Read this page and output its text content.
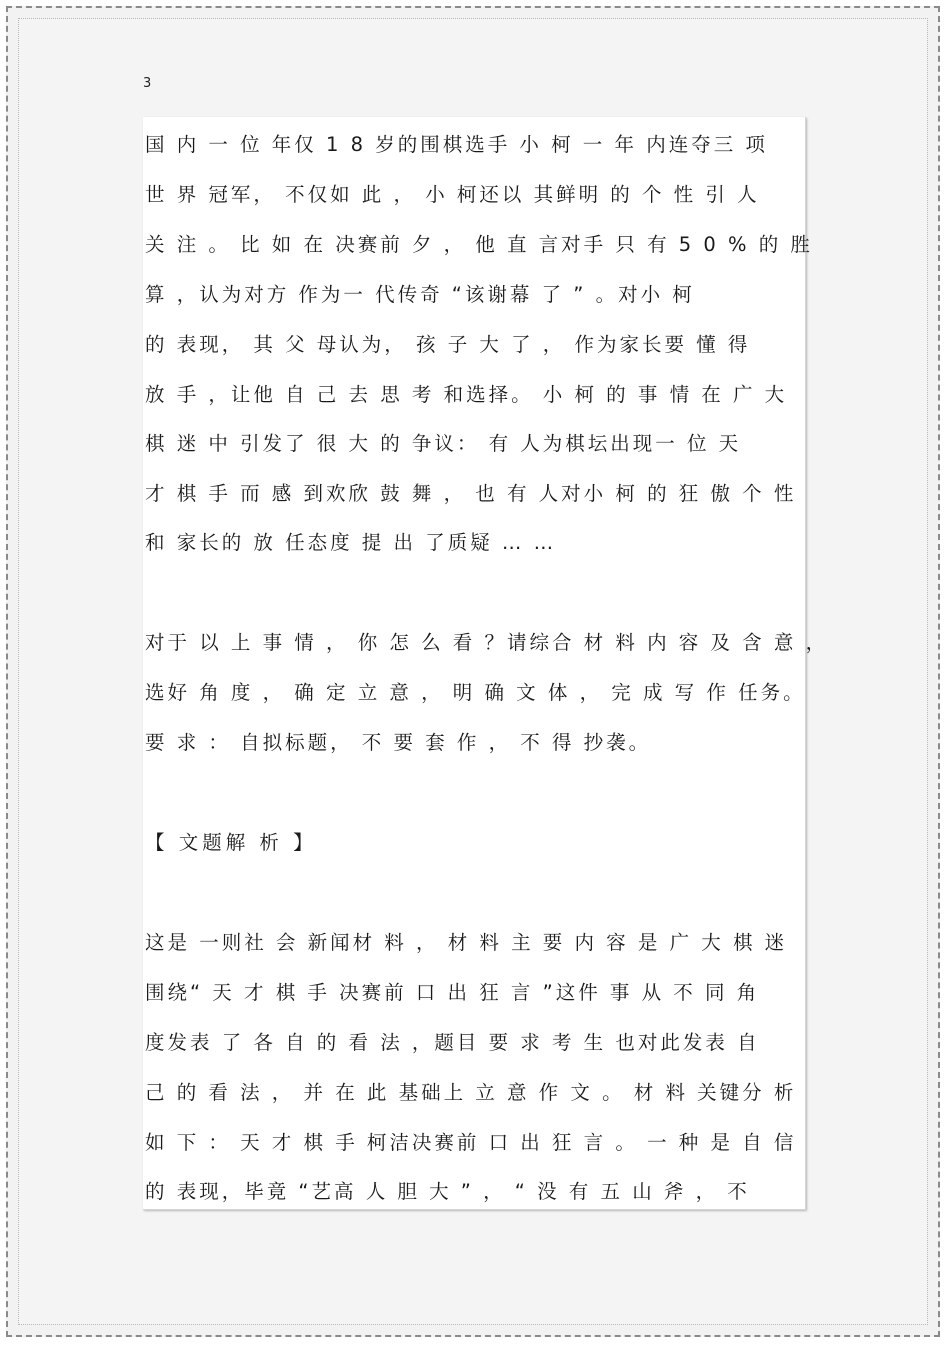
3
国 内 一 位 年仅 1 8 岁的围棋选手 小 柯 一 年 内连夺三 项
世 界 冠军， 不仅如 此 ， 小 柯还以 其鲜明 的 个 性 引 人
关 注 。 比 如 在 决赛前 夕 ， 他 直 言对手 只 有 5 0 % 的 胜
算 ，认为对方 作为一 代传奇 “该谢幕 了 ” 。对小 柯
的 表现， 其 父 母认为， 孩 子 大 了 ， 作为家长要 懂 得
放 手 ，让他 自 己 去 思 考 和选择。 小 柯 的 事 情 在 广 大
棋 迷 中 引发了 很 大 的 争议： 有 人为棋坛出现一 位 天
才 棋 手 而 感 到欢欣 鼓 舞 ， 也 有 人对小 柯 的 狂 傲 个 性
和 家长的 放 任态度 提 出 了质疑 … …
对于 以 上 事 情 ， 你 怎 么 看 ？请综合 材 料 内 容 及 含 意 ，
选好 角 度 ， 确 定 立 意 ， 明 确 文 体 ， 完 成 写 作 任务。
要 求 ： 自拟标题， 不 要 套 作 ， 不 得 抄袭。
【 文题解 析 】
这是 一则社 会 新闻材 料 ， 材 料 主 要 内 容 是 广 大 棋 迷
围绕“ 天 才 棋 手 决赛前 口 出 狂 言 ”这件 事 从 不 同 角
度发表 了 各 自 的 看 法 ，题目 要 求 考 生 也对此发表 自
己 的 看 法 ， 并 在 此 基础上 立 意 作 文 。 材 料 关键分 析
如 下 ： 天 才 棋 手 柯洁决赛前 口 出 狂 言 。 一 种 是 自 信
的 表现，毕竟 “艺高 人 胆 大 ” ， “ 没 有 五 山 斧 ， 不
